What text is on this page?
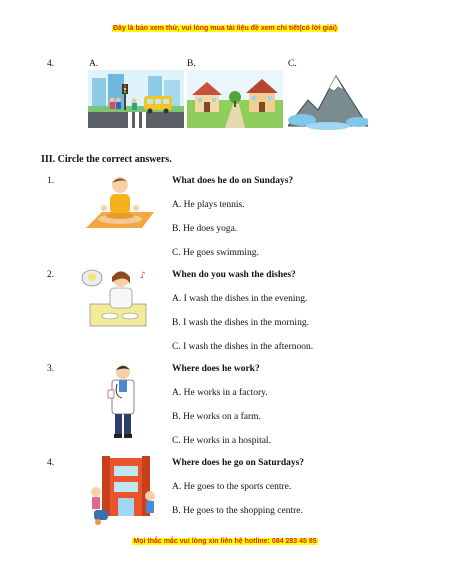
Đây là bản xem thử, vui lòng mua tài liệu đề xem chi tiết(có lời giải)
4.	A.	B.	C.
III. Circle the correct answers.
1.	What does he do on Sundays?
A. He plays tennis.
B. He does yoga.
C. He goes swimming.
2.	When do you wash the dishes?
A. I wash the dishes in the evening.
B. I wash the dishes in the morning.
C. I wash the dishes in the afternoon.
♪
3.	Where does he work?
A. He works in a factory.
B. He works on a farm.
C. He works in a hospital.
4.	Where does he go on Saturdays?
A. He goes to the sports centre.
B. He goes to the shopping centre.
Mọi thắc mắc vui lòng xin liên hệ hotline: 084 283 45 85
